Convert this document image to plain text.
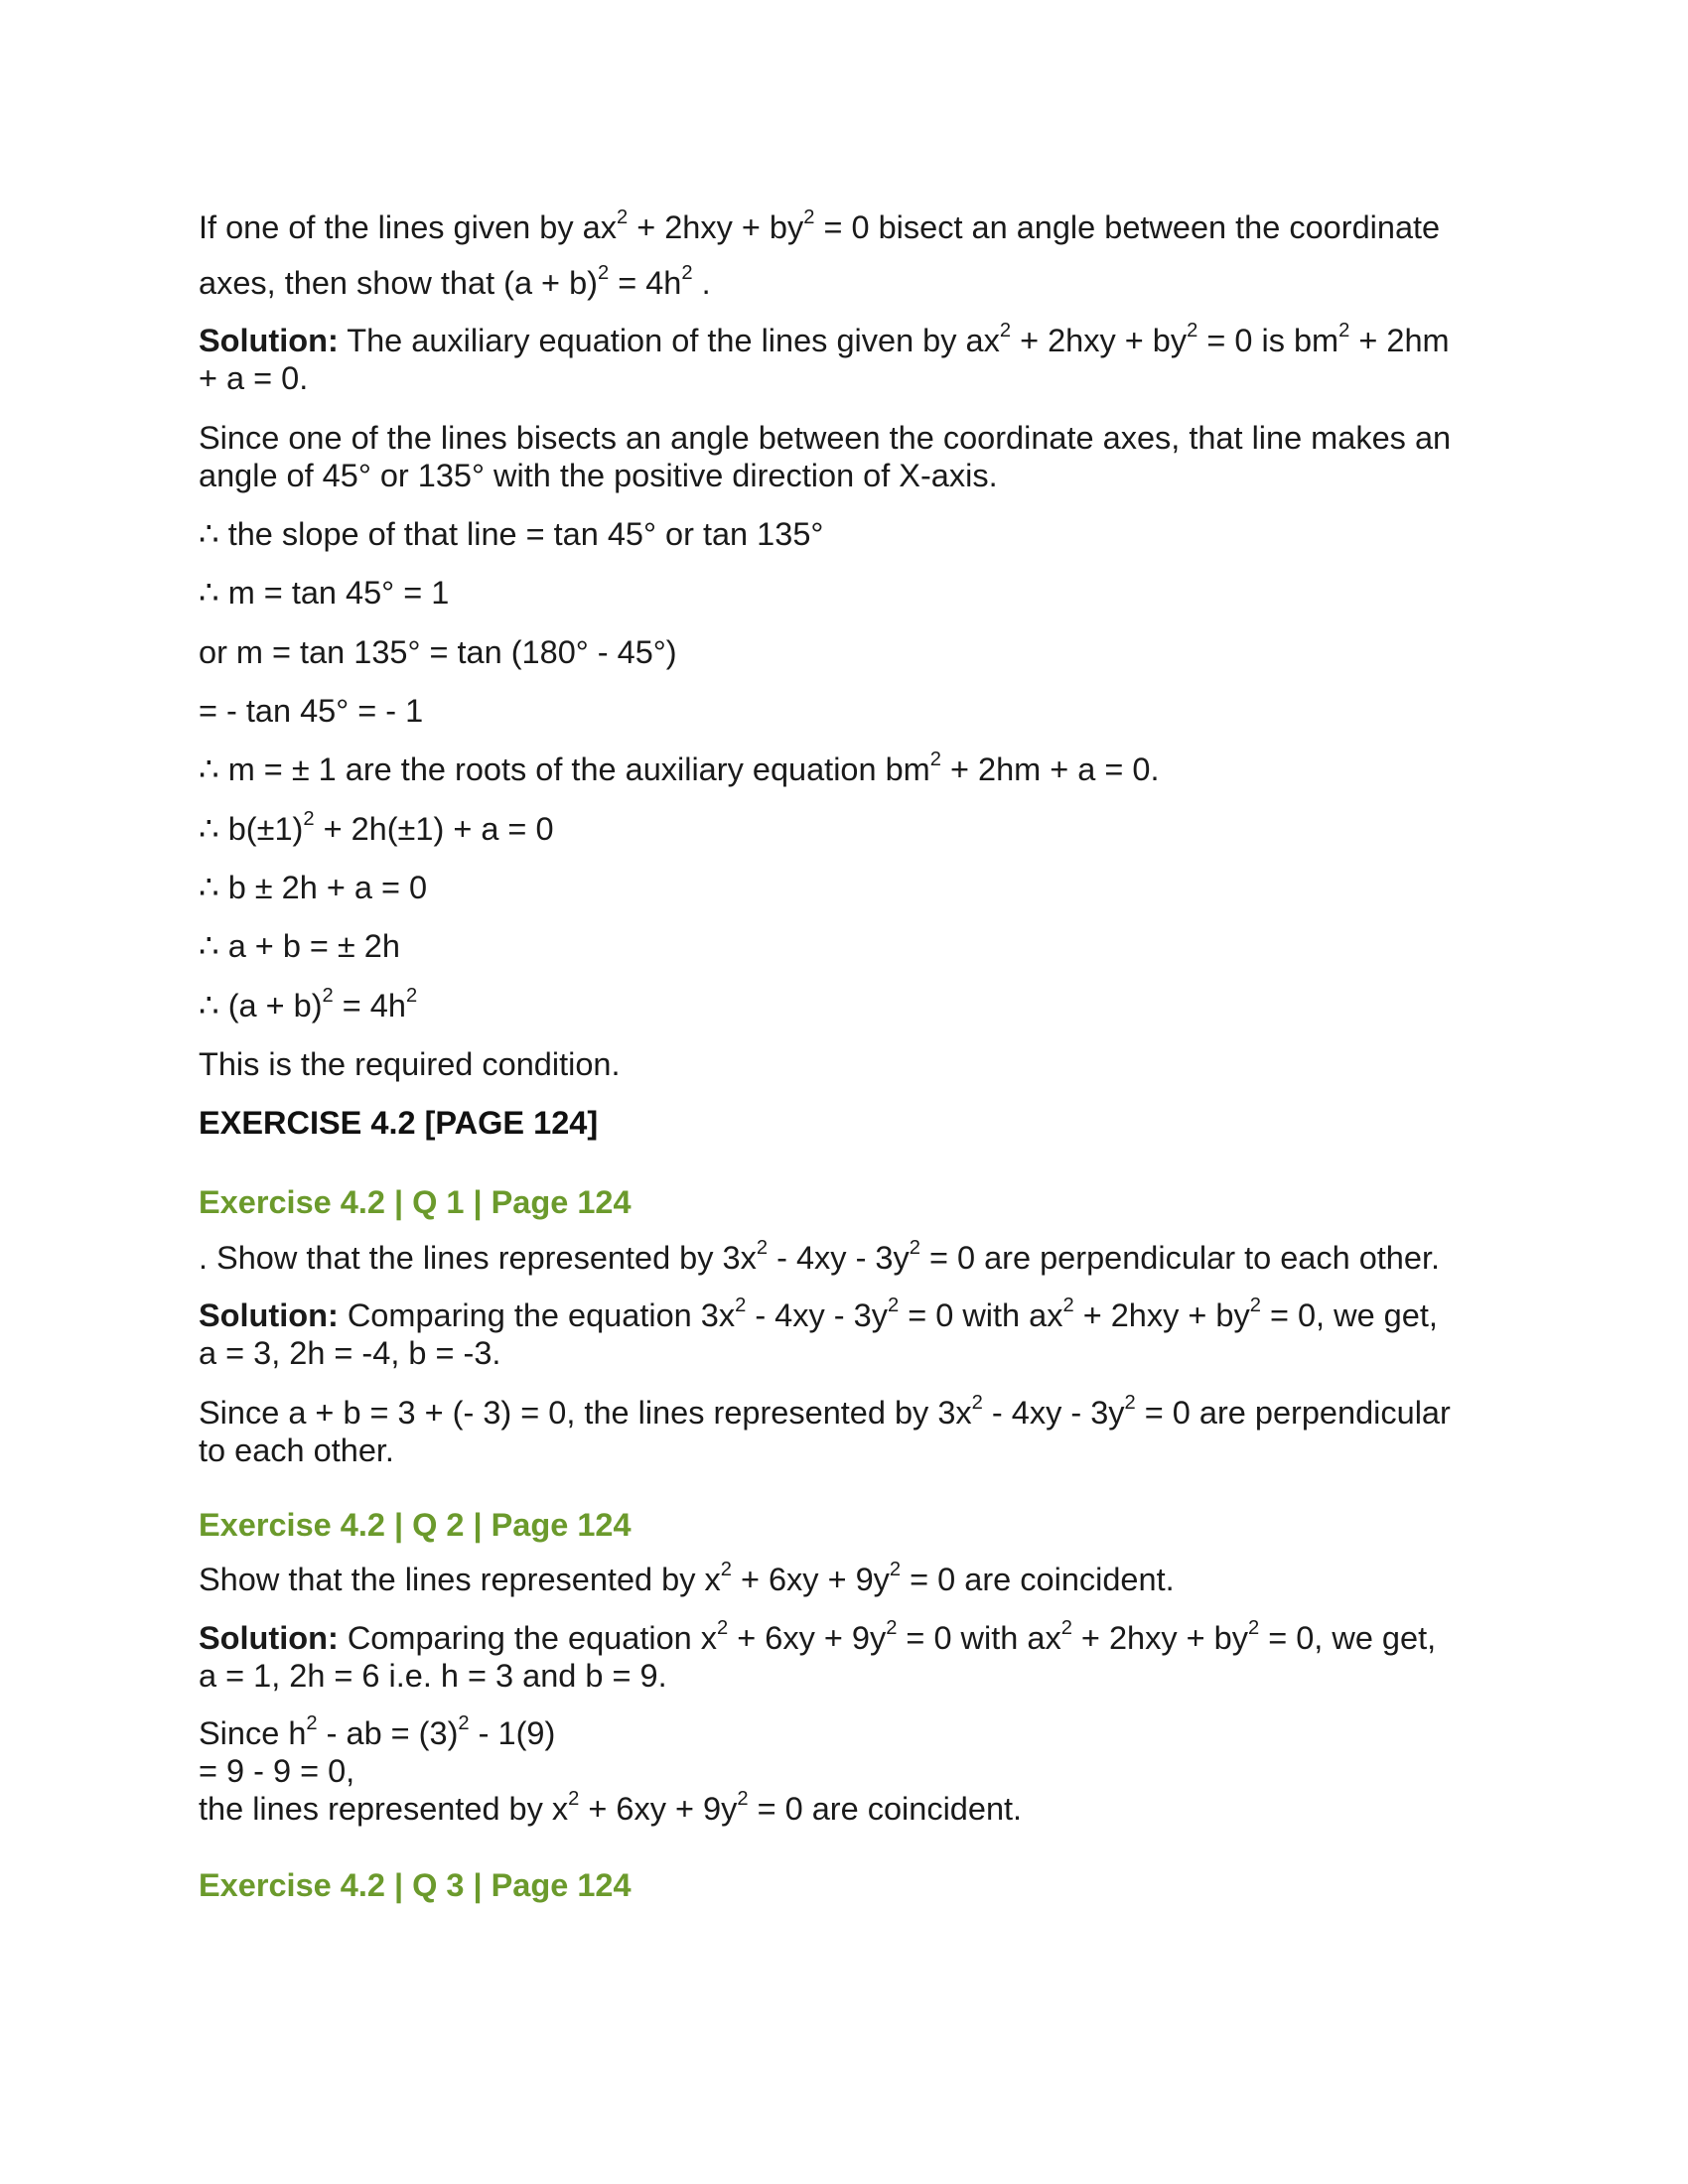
If one of the lines given by $ax^2 + 2hxy + by^2 = 0$ bisect an angle between the coordinate
axes, then show that $(a + b)^2 = 4h^2$ .
Solution: The auxiliary equation of the lines given by $ax^2 + 2hxy + by^2 = 0$ is $bm^2 + 2hm$
+ a = 0.
Since one of the lines bisects an angle between the coordinate axes, that line makes an
angle of 45° or 135° with the positive direction of X-axis.
∴ the slope of that line = tan 45° or tan 135°
∴ m = tan 45° = 1
or m = tan 135° = tan (180° - 45°)
= - tan 45° = - 1
∴ m = ± 1 are the roots of the auxiliary equation $bm^2 + 2hm + a = 0$.
∴ $b(\pm 1)^2 + 2h(\pm 1) + a = 0$
∴ b ± 2h + a = 0
∴ a + b = ± 2h
∴ $(a + b)^2 = 4h^2$
This is the required condition.
EXERCISE 4.2 [PAGE 124]
Exercise 4.2 | Q 1 | Page 124
. Show that the lines represented by $3x^2 - 4xy - 3y^2 = 0$ are perpendicular to each other.
Solution: Comparing the equation $3x^2 - 4xy - 3y^2 = 0$ with $ax^2 + 2hxy + by^2 = 0$, we get,
a = 3, 2h = -4, b = -3.
Since a + b = 3 + (- 3) = 0, the lines represented by $3x^2 - 4xy - 3y^2 = 0$ are perpendicular
to each other.
Exercise 4.2 | Q 2 | Page 124
Show that the lines represented by $x^2 + 6xy + 9y^2 = 0$ are coincident.
Solution: Comparing the equation $x^2 + 6xy + 9y^2 = 0$ with $ax^2 + 2hxy + by^2 = 0$, we get,
a = 1, 2h = 6 i.e. h = 3 and b = 9.
Since $h^2$ - ab = $(3)^2 - 1(9)$
= 9 - 9 = 0,
the lines represented by $x^2 + 6xy + 9y^2 = 0$ are coincident.
Exercise 4.2 | Q 3 | Page 124
